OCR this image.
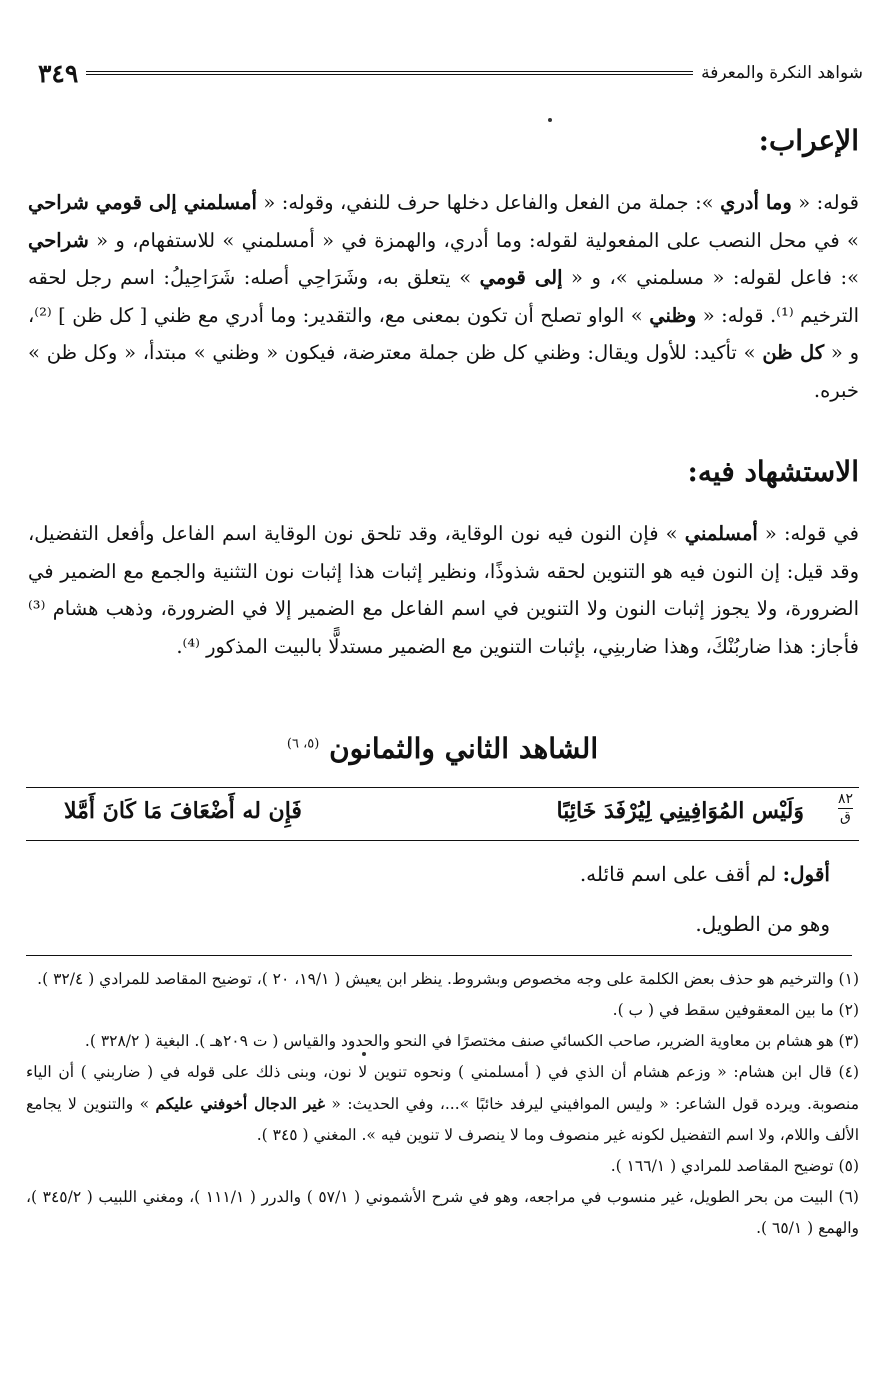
شواهد النكرة والمعرفة
٣٤٩
الإعراب:
قوله: « وما أدري »: جملة من الفعل والفاعل دخلها حرف للنفي، وقوله: « أمسلمني إلى قومي شراحي » في محل النصب على المفعولية لقوله: وما أدري، والهمزة في « أمسلمني » للاستفهام، و « شراحي »: فاعل لقوله: « مسلمني »، و « إلى قومي » يتعلق به، وشَرَاحِي أصله: شَرَاحِيلُ: اسم رجل لحقه الترخيم ⁽¹⁾. قوله: « وظني » الواو تصلح أن تكون بمعنى مع، والتقدير: وما أدري مع ظني [ كل ظن ] ⁽²⁾، و « كل ظن » تأكيد: للأول ويقال: وظني كل ظن جملة معترضة، فيكون « وظني » مبتدأ، « وكل ظن » خبره.
الاستشهاد فيه:
في قوله: « أمسلمني » فإن النون فيه نون الوقاية، وقد تلحق نون الوقاية اسم الفاعل وأفعل التفضيل، وقد قيل: إن النون فيه هو التنوين لحقه شذوذًا، ونظير إثبات هذا إثبات نون التثنية والجمع مع الضمير في الضرورة، ولا يجوز إثبات النون ولا التنوين في اسم الفاعل مع الضمير إلا في الضرورة، وذهب هشام ⁽³⁾ فأجاز: هذا ضاربُنْكَ، وهذا ضاربنِي، بإثبات التنوين مع الضمير مستدلًّا بالبيت المذكور ⁽⁴⁾.
الشاهد الثاني والثمانون $^{(٥، ٦)}$
٨٢
ق
وَلَيْس المُوَافِينِي لِيُرْفَدَ خَائِبًا
فَإِن له أَضْعَافَ مَا كَانَ أَمَّلا
أقول: لم أقف على اسم قائله.
وهو من الطويل.
(١) والترخيم هو حذف بعض الكلمة على وجه مخصوص وبشروط. ينظر ابن يعيش ( ١٩/١، ٢٠ )، توضيح المقاصد للمرادي ( ٣٢/٤ ).
(٢) ما بين المعقوفين سقط في ( ب ).
(٣) هو هشام بن معاوية الضرير، صاحب الكسائي صنف مختصرًا في النحو والحدود والقياس ( ت ٢٠٩هـ ). البغية ( ٣٢٨/٢ ).
(٤) قال ابن هشام: « وزعم هشام أن الذي في ( أمسلمني ) ونحوه تنوين لا نون، وبنى ذلك على قوله في ( ضاربني ) أن الياء منصوبة. ويرده قول الشاعر: « وليس الموافيني ليرفد خائبًا »...، وفي الحديث: « غير الدجال أخوفني عليكم » والتنوين لا يجامع الألف واللام، ولا اسم التفضيل لكونه غير منصوف وما لا ينصرف لا تنوين فيه ». المغني ( ٣٤٥ ).
(٥) توضيح المقاصد للمرادي ( ١٦٦/١ ).
(٦) البيت من بحر الطويل، غير منسوب في مراجعه، وهو في شرح الأشموني ( ٥٧/١ ) والدرر ( ١١١/١ )، ومغني اللبيب ( ٣٤٥/٢ )، والهمع ( ٦٥/١ ).
